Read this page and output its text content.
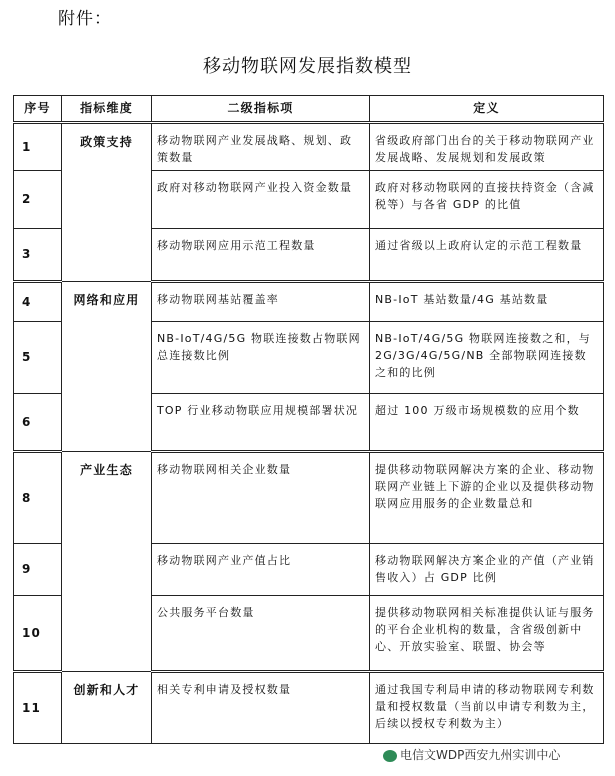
附件：
移动物联网发展指数模型
序号	指标维度	二级指标项	定义
1	政策支持	移动物联网产业发展战略、规划、政策数量	省级政府部门出台的关于移动物联网产业发展战略、发展规划和发展政策
2		政府对移动物联网产业投入资金数量	政府对移动物联网的直接扶持资金（含减税等）与各省 GDP 的比值
3		移动物联网应用示范工程数量	通过省级以上政府认定的示范工程数量
4	网络和应用	移动物联网基站覆盖率	NB-IoT 基站数量/4G 基站数量
5		NB-IoT/4G/5G 物联连接数占物联网总连接数比例	NB-IoT/4G/5G 物联网连接数之和，与 2G/3G/4G/5G/NB 全部物联网连接数之和的比例
6		TOP 行业移动物联应用规模部署状况	超过 100 万级市场规模数的应用个数
8	产业生态	移动物联网相关企业数量	提供移动物联网解决方案的企业、移动物联网产业链上下游的企业以及提供移动物联网应用服务的企业数量总和
9		移动物联网产业产值占比	移动物联网解决方案企业的产值（产业销售收入）占 GDP 比例
10		公共服务平台数量	提供移动物联网相关标准提供认证与服务的平台企业机构的数量，含省级创新中心、开放实验室、联盟、协会等
11	创新和人才	相关专利申请及授权数量	通过我国专利局申请的移动物联网专利数量和授权数量（当前以申请专利数为主，后续以授权专利数为主）
电信文WDP西安九州实训中心
